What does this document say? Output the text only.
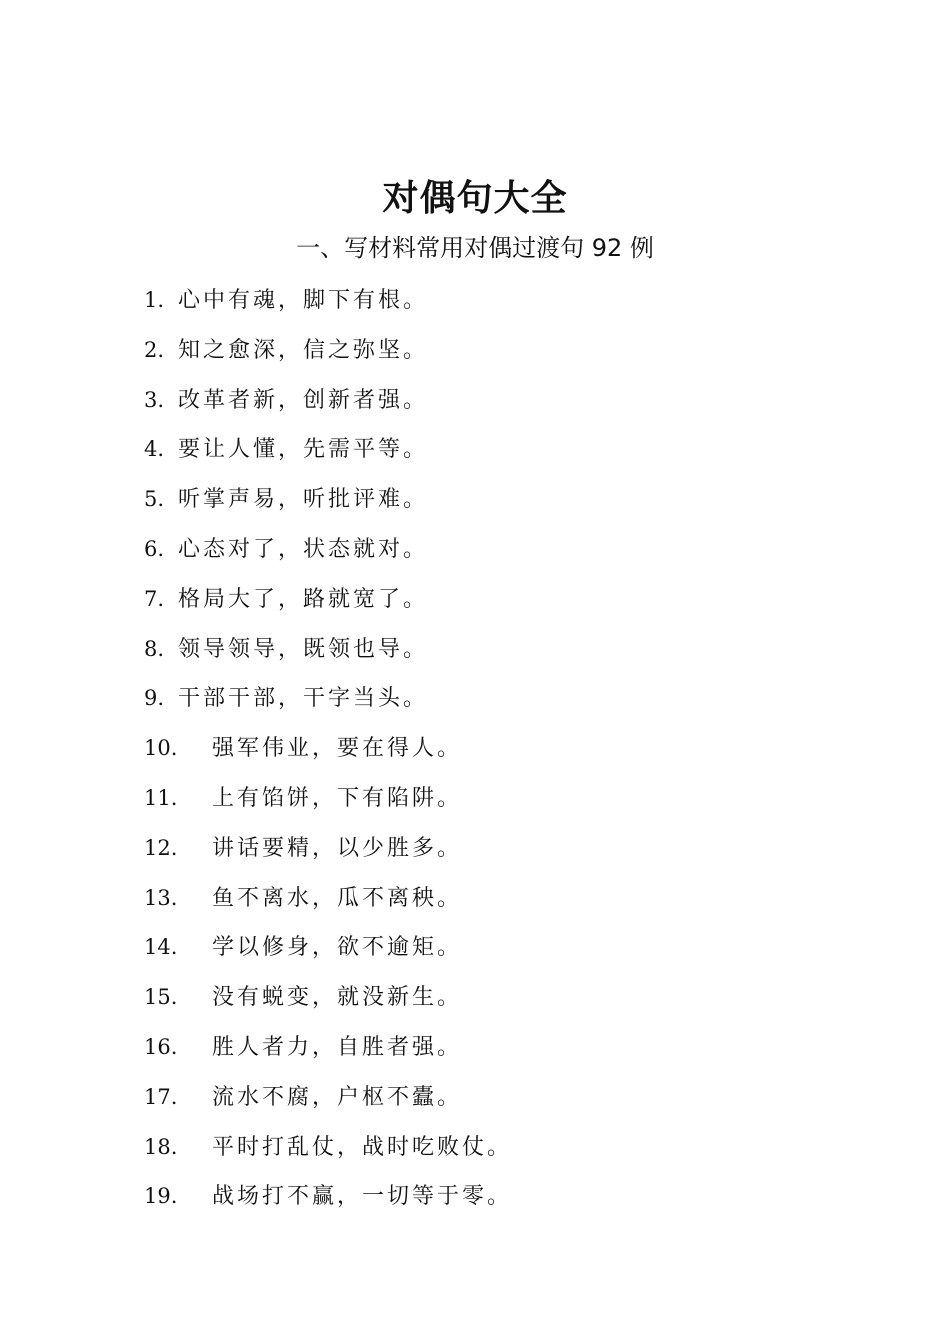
对偶句大全
一、写材料常用对偶过渡句 92 例
1. 心中有魂，脚下有根。
2. 知之愈深，信之弥坚。
3. 改革者新，创新者强。
4. 要让人懂，先需平等。
5. 听掌声易，听批评难。
6. 心态对了，状态就对。
7. 格局大了，路就宽了。
8. 领导领导，既领也导。
9. 干部干部，干字当头。
10.	强军伟业，要在得人。
11.	上有馅饼，下有陷阱。
12.	讲话要精，以少胜多。
13.	鱼不离水，瓜不离秧。
14.	学以修身，欲不逾矩。
15.	没有蜕变，就没新生。
16.	胜人者力，自胜者强。
17.	流水不腐，户枢不蠹。
18.	平时打乱仗，战时吃败仗。
19.	战场打不赢，一切等于零。
